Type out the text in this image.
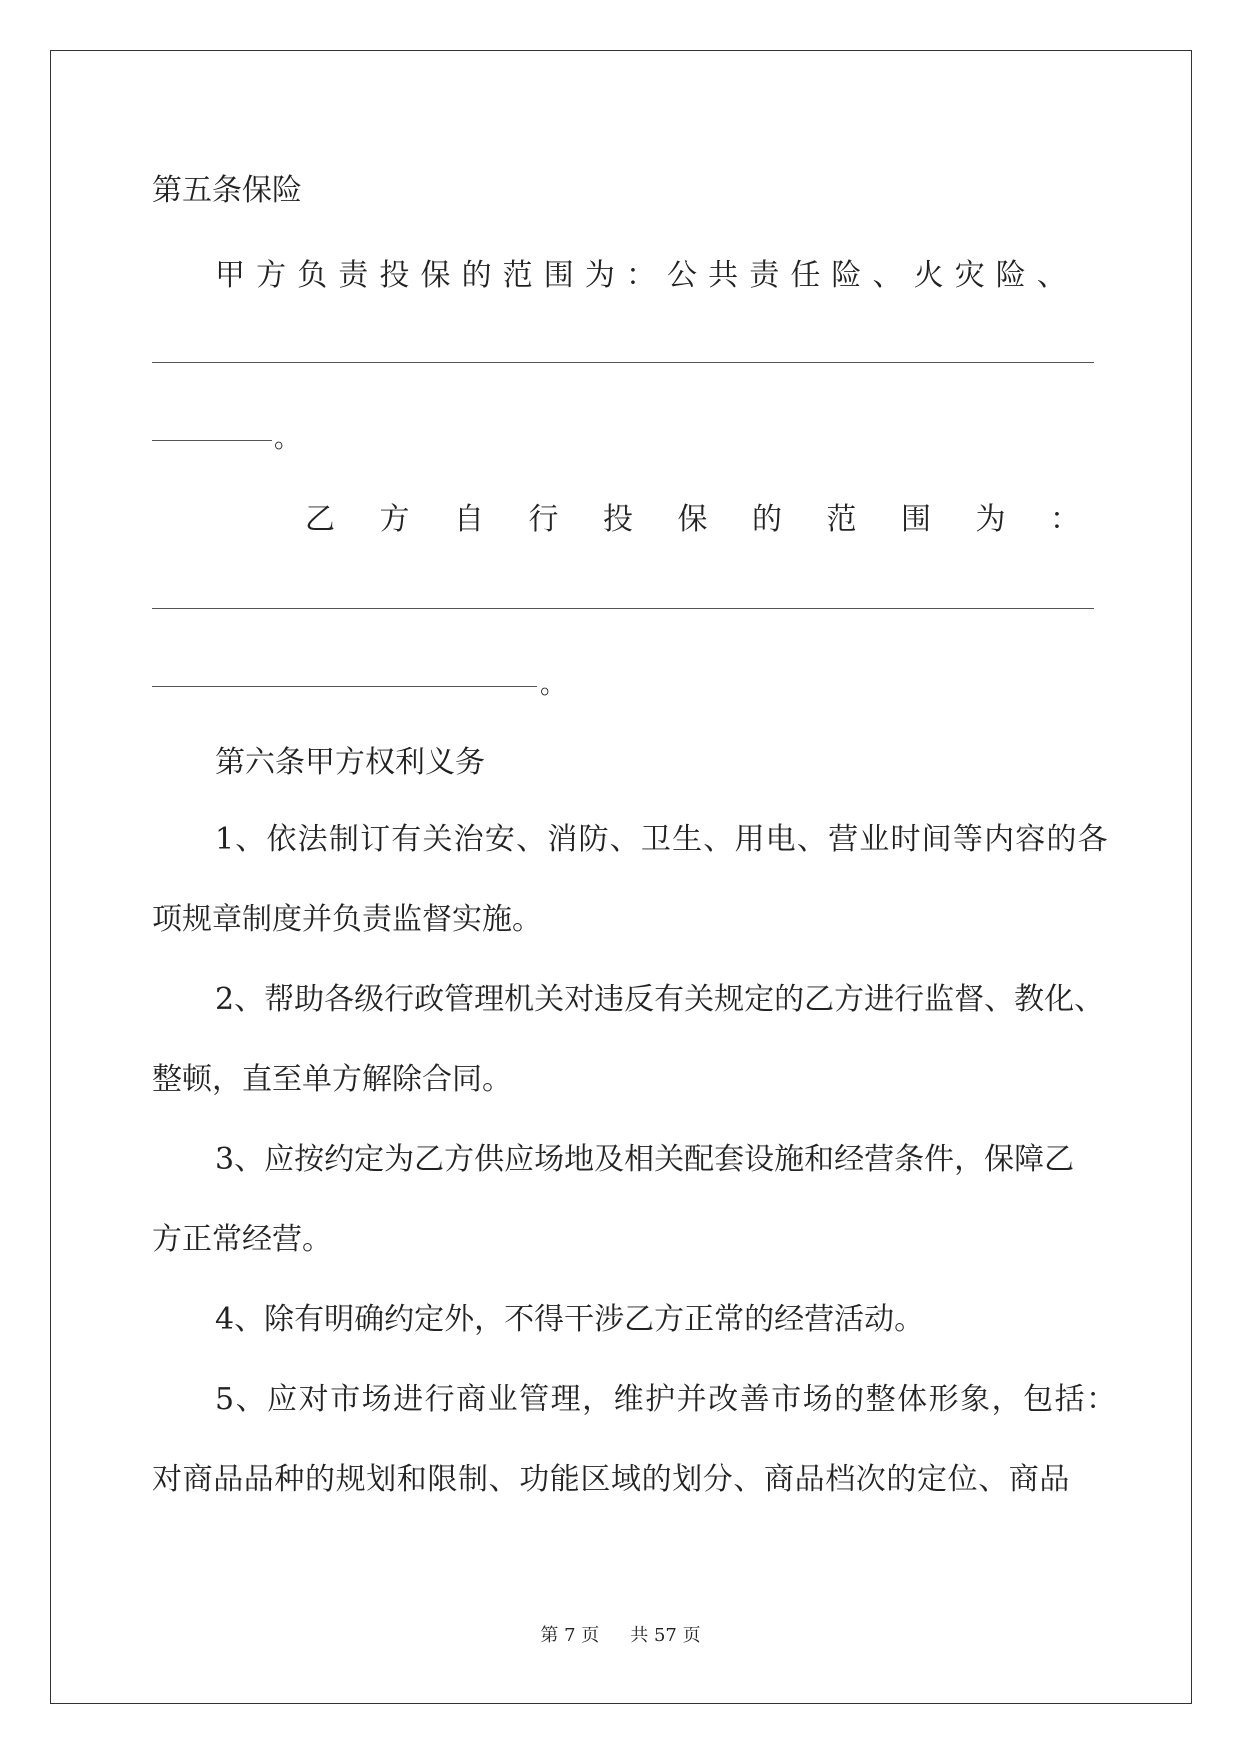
第五条保险
甲 方 负 责 投 保 的 范 围 为 ： 公 共 责 任 险 、 火 灾 险 、
。
乙 方 自 行 投 保 的 范 围 为 ：
。
第六条甲方权利义务
1、依法制订有关治安、消防、卫生、用电、营业时间等内容的各
项规章制度并负责监督实施。
2、帮助各级行政管理机关对违反有关规定的乙方进行监督、教化、
整顿，直至单方解除合同。
3、应按约定为乙方供应场地及相关配套设施和经营条件，保障乙
方正常经营。
4、除有明确约定外，不得干涉乙方正常的经营活动。
5、应对市场进行商业管理，维护并改善市场的整体形象，包括：
对商品品种的规划和限制、功能区域的划分、商品档次的定位、商品
第 7 页 共 57 页
